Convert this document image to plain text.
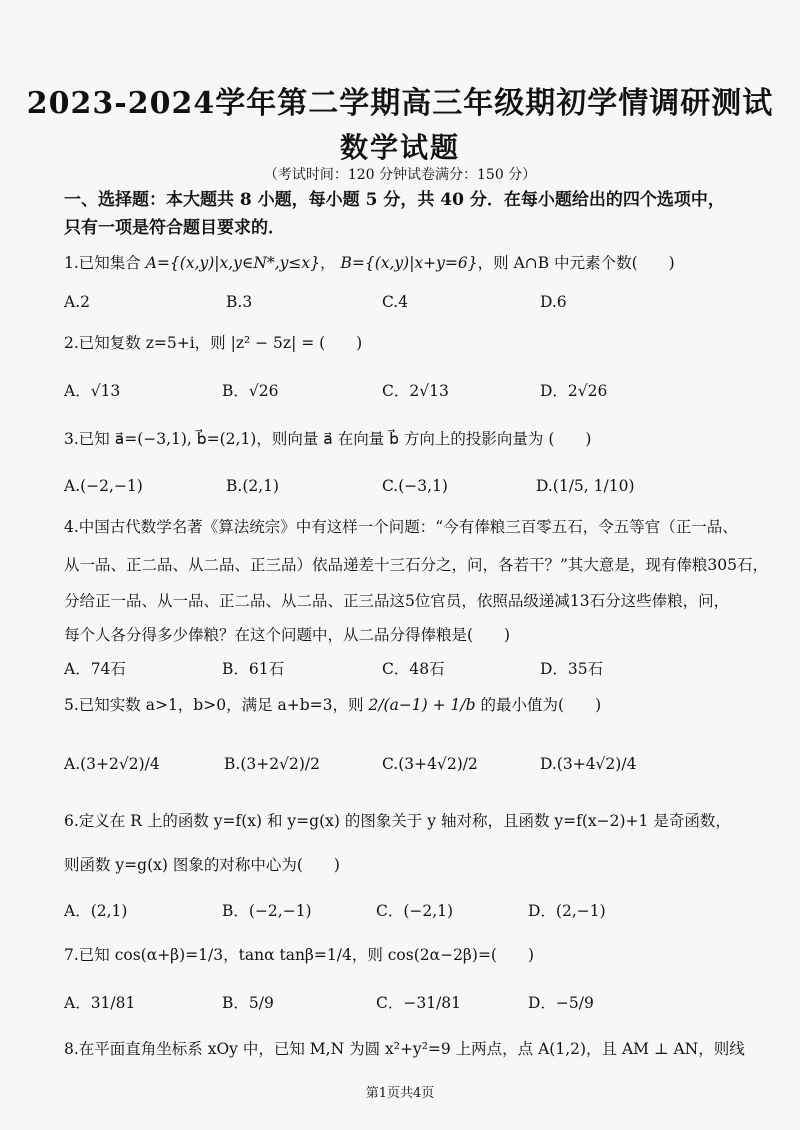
2023-2024学年第二学期高三年级期初学情调研测试
数学试题
（考试时间：120 分钟试卷满分：150 分）
一、选择题：本大题共 8 小题，每小题 5 分，共 40 分．在每小题给出的四个选项中，
只有一项是符合题目要求的．
1.已知集合 A={(x,y)|x,y∈N*,y≤x}， B={(x,y)|x+y=6}，则 A∩B 中元素个数(　　)
A.2	B.3	C.4	D.6
2.已知复数 z=5+i，则 |z² − 5z| = (　　)
A．√13	B．√26	C．2√13	D．2√26
3.已知 a⃗=(−3,1), b⃗=(2,1)，则向量 a⃗ 在向量 b⃗ 方向上的投影向量为 (　　)
A.(−2,−1)	B.(2,1)	C.(−3,1)	D.(1/5, 1/10)
4.中国古代数学名著《算法统宗》中有这样一个问题：“今有俸粮三百零五石，令五等官（正一品、
从一品、正二品、从二品、正三品）依品递差十三石分之，问，各若干？”其大意是，现有俸粮305石，
分给正一品、从一品、正二品、从二品、正三品这5位官员，依照品级递减13石分这些俸粮，问，
每个人各分得多少俸粮？在这个问题中，从二品分得俸粮是(　　)
A．74石	B．61石	C．48石	D．35石
5.已知实数 a>1，b>0，满足 a+b=3，则 2/(a−1) + 1/b 的最小值为(　　)
A.(3+2√2)/4	B.(3+2√2)/2	C.(3+4√2)/2	D.(3+4√2)/4
6.定义在 R 上的函数 y=f(x) 和 y=g(x) 的图象关于 y 轴对称，且函数 y=f(x−2)+1 是奇函数，
则函数 y=g(x) 图象的对称中心为(　　)
A．(2,1)	B．(−2,−1)	C．(−2,1)	D．(2,−1)
7.已知 cos(α+β)=1/3，tanα tanβ=1/4，则 cos(2α−2β)=(　　)
A．31/81	B．5/9	C．−31/81	D．−5/9
8.在平面直角坐标系 xOy 中，已知 M,N 为圆 x²+y²=9 上两点，点 A(1,2)，且 AM ⊥ AN，则线
第1页共4页
